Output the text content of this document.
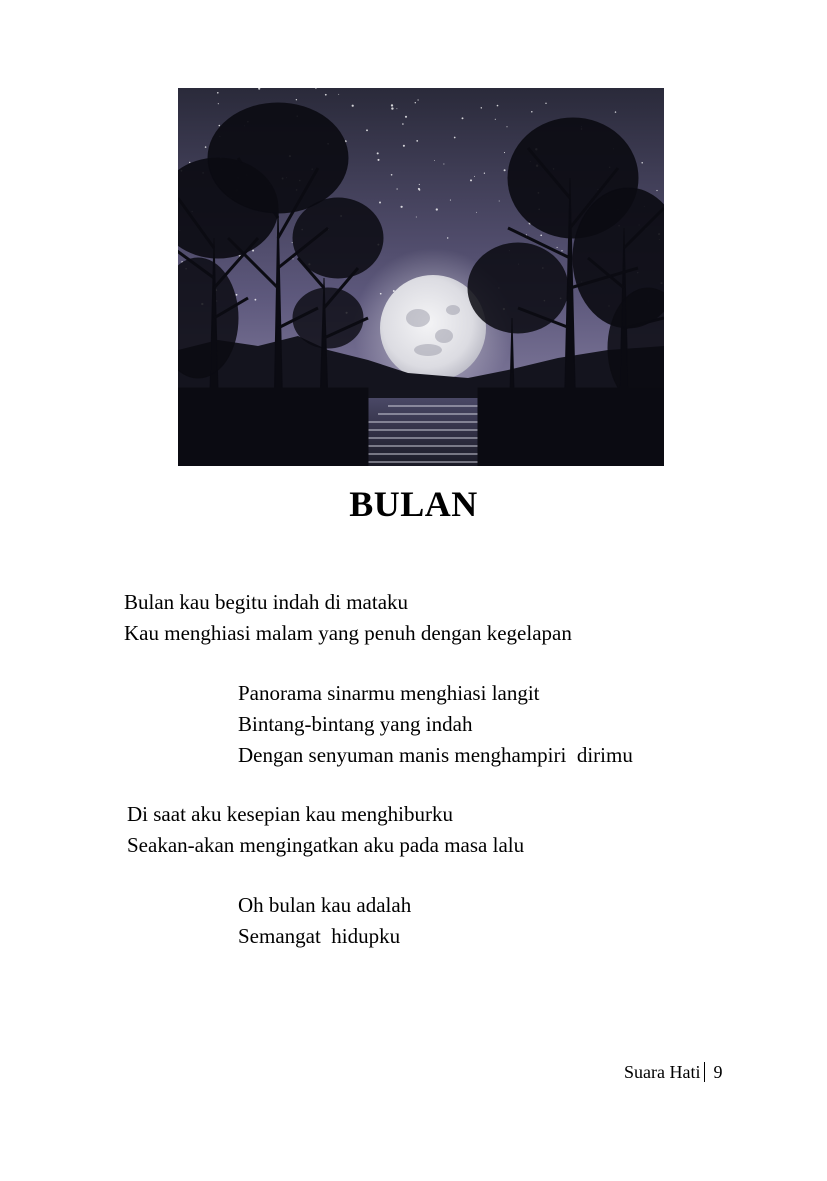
BULAN
Bulan kau begitu indah di mataku
Kau menghiasi malam yang penuh dengan kegelapan
Panorama sinarmu menghiasi langit
Bintang-bintang yang indah
Dengan senyuman manis menghampiri  dirimu
Di saat aku kesepian kau menghiburku
Seakan-akan mengingatkan aku pada masa lalu
Oh bulan kau adalah
Semangat  hidupku
Suara Hati 9
